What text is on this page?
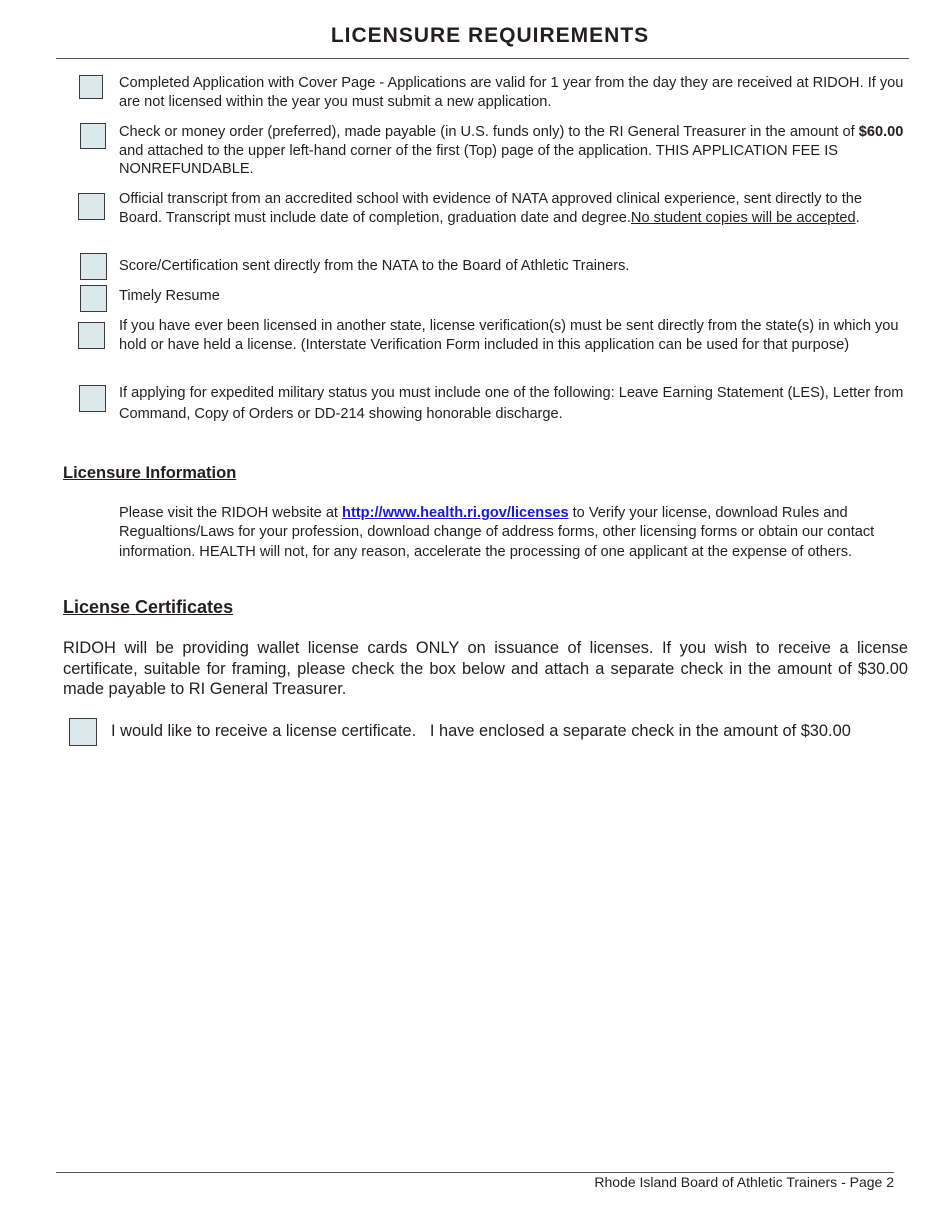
LICENSURE REQUIREMENTS
Completed Application with Cover Page - Applications are valid for 1 year from the day they are received at RIDOH. If you are not licensed within the year you must submit a new application.
Check or money order (preferred), made payable (in U.S. funds only) to the RI General Treasurer in the amount of $60.00 and attached to the upper left-hand corner of the first (Top) page of the application. THIS APPLICATION FEE IS NONREFUNDABLE.
Official transcript from an accredited school with evidence of NATA approved clinical experience, sent directly to the Board. Transcript must include date of completion, graduation date and degree.No student copies will be accepted.
Score/Certification sent directly from the NATA to the Board of Athletic Trainers.
Timely Resume
If you have ever been licensed in another state, license verification(s) must be sent directly from the state(s) in which you hold or have held a license. (Interstate Verification Form included in this application can be used for that purpose)
If applying for expedited military status you must include one of the following: Leave Earning Statement (LES), Letter from Command, Copy of Orders or DD-214 showing honorable discharge.
Licensure Information
Please visit the RIDOH website at http://www.health.ri.gov/licenses to Verify your license, download Rules and Regualtions/Laws for your profession, download change of address forms, other licensing forms or obtain our contact information. HEALTH will not, for any reason, accelerate the processing of one applicant at the expense of others.
License Certificates
RIDOH will be providing wallet license cards ONLY on issuance of licenses. If you wish to receive a license certificate, suitable for framing, please check the box below and attach a separate check in the amount of $30.00 made payable to RI General Treasurer.
I would like to receive a license certificate.   I have enclosed a separate check in the amount of $30.00
Rhode Island Board of Athletic Trainers - Page 2
